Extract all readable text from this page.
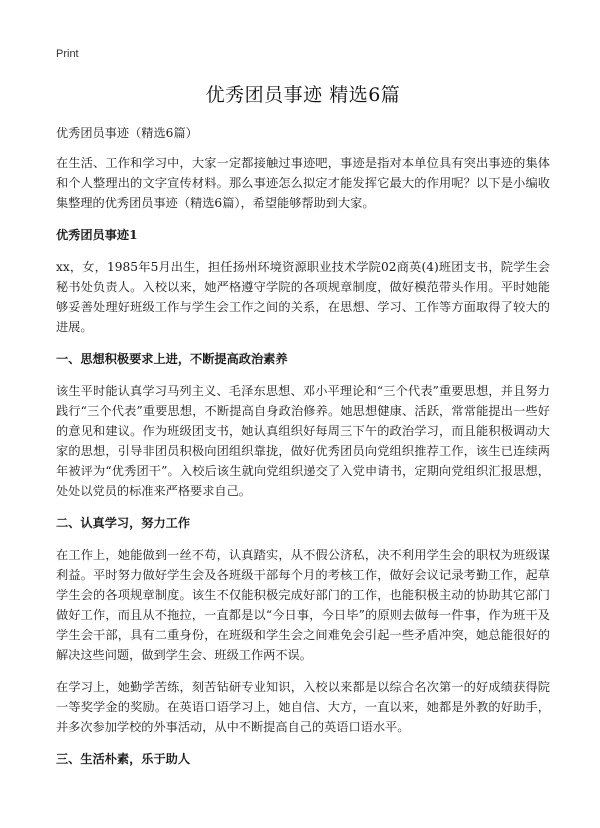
Print
优秀团员事迹 精选6篇

优秀团员事迹（精选6篇）

在生活、工作和学习中，大家一定都接触过事迹吧，事迹是指对本单位具有突出事迹的集体和个人整理出的文字宣传材料。那么事迹怎么拟定才能发挥它最大的作用呢？以下是小编收集整理的优秀团员事迹（精选6篇），希望能够帮助到大家。

优秀团员事迹1

xx，女，1985年5月出生，担任扬州环境资源职业技术学院02商英(4)班团支书，院学生会秘书处负责人。入校以来，她严格遵守学院的各项规章制度，做好模范带头作用。平时她能够妥善处理好班级工作与学生会工作之间的关系，在思想、学习、工作等方面取得了较大的进展。

一、思想积极要求上进，不断提高政治素养

该生平时能认真学习马列主义、毛泽东思想、邓小平理论和“三个代表”重要思想，并且努力践行“三个代表”重要思想，不断提高自身政治修养。她思想健康、活跃，常常能提出一些好的意见和建议。作为班级团支书，她认真组织好每周三下午的政治学习，而且能积极调动大家的思想，引导非团员积极向团组织靠拢，做好优秀团员向党组织推荐工作，该生已连续两年被评为“优秀团干”。入校后该生就向党组织递交了入党申请书，定期向党组织汇报思想，处处以党员的标准来严格要求自己。

二、认真学习，努力工作

在工作上，她能做到一丝不苟，认真踏实，从不假公济私，决不利用学生会的职权为班级谋利益。平时努力做好学生会及各班级干部每个月的考核工作，做好会议记录考勤工作，起草学生会的各项规章制度。该生不仅能积极完成好部门的工作，也能积极主动的协助其它部门做好工作，而且从不拖拉，一直都是以“今日事，今日毕”的原则去做每一件事，作为班干及学生会干部，具有二重身份，在班级和学生会之间难免会引起一些矛盾冲突，她总能很好的解决这些问题，做到学生会、班级工作两不误。

在学习上，她勤学苦练，刻苦钻研专业知识，入校以来都是以综合名次第一的好成绩获得院一等奖学金的奖励。在英语口语学习上，她自信、大方，一直以来，她都是外教的好助手，并多次参加学校的外事活动，从中不断提高自己的英语口语水平。

三、生活朴素，乐于助人
